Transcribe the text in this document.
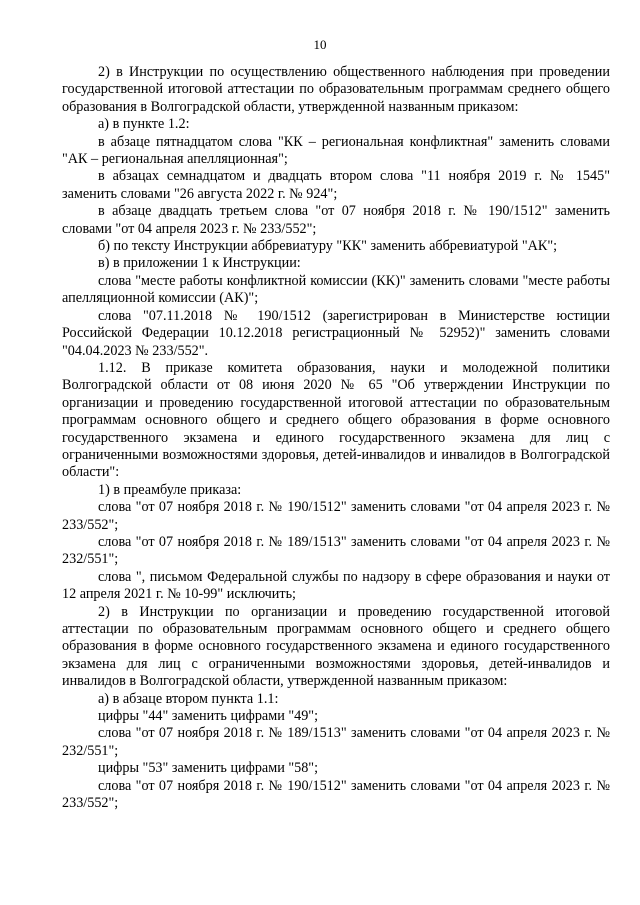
10

2) в Инструкции по осуществлению общественного наблюдения при проведении государственной итоговой аттестации по образовательным программам среднего общего образования в Волгоградской области, утвержденной названным приказом:

а) в пункте 1.2:

в абзаце пятнадцатом слова "КК – региональная конфликтная" заменить словами "АК – региональная апелляционная";

в абзацах семнадцатом и двадцать втором слова "11 ноября 2019 г. № 1545" заменить словами "26 августа 2022 г. № 924";

в абзаце двадцать третьем слова "от 07 ноября 2018 г. № 190/1512" заменить словами "от 04 апреля 2023 г. № 233/552";

б) по тексту Инструкции аббревиатуру "КК" заменить аббревиатурой "АК";

в) в приложении 1 к Инструкции:

слова "месте работы конфликтной комиссии (КК)" заменить словами "месте работы апелляционной комиссии (АК)";

слова "07.11.2018 № 190/1512 (зарегистрирован в Министерстве юстиции Российской Федерации 10.12.2018 регистрационный № 52952)" заменить словами "04.04.2023 № 233/552".

1.12. В приказе комитета образования, науки и молодежной политики Волгоградской области от 08 июня 2020 № 65 "Об утверждении Инструкции по организации и проведению государственной итоговой аттестации по образовательным программам основного общего и среднего общего образования в форме основного государственного экзамена и единого государственного экзамена для лиц с ограниченными возможностями здоровья, детей-инвалидов и инвалидов в Волгоградской области":

1) в преамбуле приказа:

слова "от 07 ноября 2018 г. № 190/1512" заменить словами "от 04 апреля 2023 г. № 233/552";

слова "от 07 ноября 2018 г. № 189/1513" заменить словами "от 04 апреля 2023 г. № 232/551";

слова ", письмом Федеральной службы по надзору в сфере образования и науки от 12 апреля 2021 г. № 10-99" исключить;

2) в Инструкции по организации и проведению государственной итоговой аттестации по образовательным программам основного общего и среднего общего образования в форме основного государственного экзамена и единого государственного экзамена для лиц с ограниченными возможностями здоровья, детей-инвалидов и инвалидов в Волгоградской области, утвержденной названным приказом:

а) в абзаце втором пункта 1.1:

цифры "44" заменить цифрами "49";

слова "от 07 ноября 2018 г. № 189/1513" заменить словами "от 04 апреля 2023 г. № 232/551";

цифры "53" заменить цифрами "58";

слова "от 07 ноября 2018 г. № 190/1512" заменить словами "от 04 апреля 2023 г. № 233/552";
